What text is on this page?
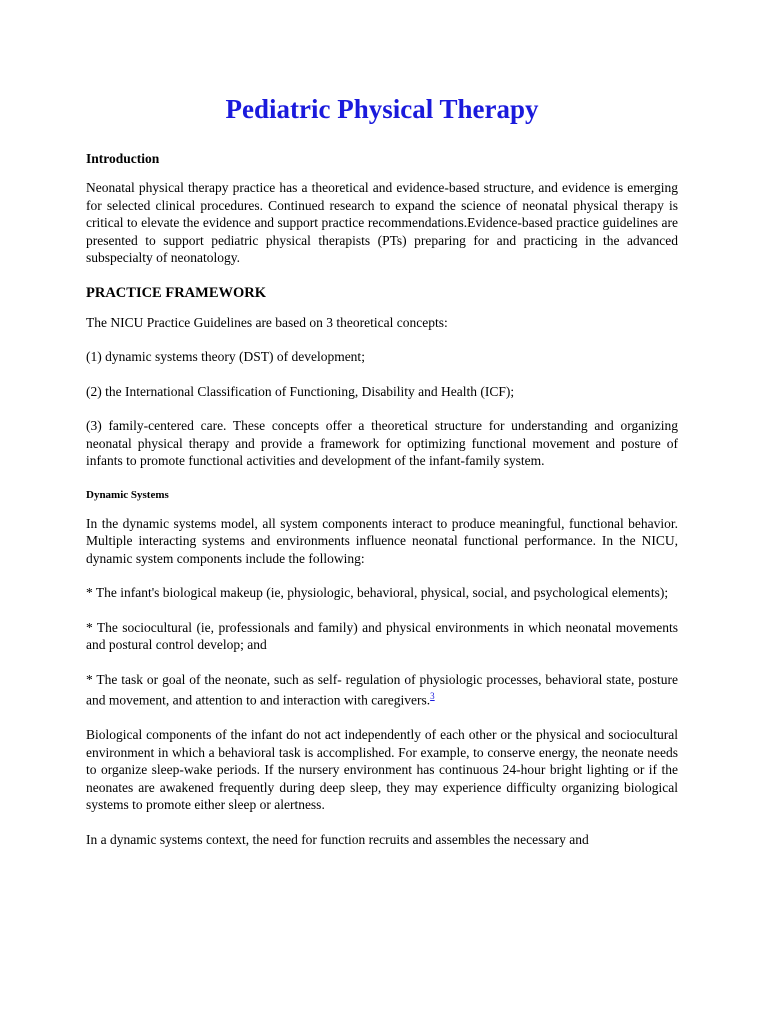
Pediatric Physical Therapy
Introduction

Neonatal physical therapy practice has a theoretical and evidence-based structure, and evidence is emerging for selected clinical procedures. Continued research to expand the science of neonatal physical therapy is critical to elevate the evidence and support practice recommendations.Evidence-based practice guidelines are presented to support pediatric physical therapists (PTs) preparing for and practicing in the advanced subspecialty of neonatology.

PRACTICE FRAMEWORK

The NICU Practice Guidelines are based on 3 theoretical concepts:

(1) dynamic systems theory (DST) of development;

(2) the International Classification of Functioning, Disability and Health (ICF);

(3) family-centered care. These concepts offer a theoretical structure for understanding and organizing neonatal physical therapy and provide a framework for optimizing functional movement and posture of infants to promote functional activities and development of the infant-family system.

Dynamic Systems

In the dynamic systems model, all system components interact to produce meaningful, functional behavior. Multiple interacting systems and environments influence neonatal functional performance. In the NICU, dynamic system components include the following:

* The infant's biological makeup (ie, physiologic, behavioral, physical, social, and psychological elements);

* The sociocultural (ie, professionals and family) and physical environments in which neonatal movements and postural control develop; and

* The task or goal of the neonate, such as self- regulation of physiologic processes, behavioral state, posture and movement, and attention to and interaction with caregivers.$^3$

Biological components of the infant do not act independently of each other or the physical and sociocultural environment in which a behavioral task is accomplished. For example, to conserve energy, the neonate needs to organize sleep-wake periods. If the nursery environment has continuous 24-hour bright lighting or if the neonates are awakened frequently during deep sleep, they may experience difficulty organizing biological systems to promote either sleep or alertness.

In a dynamic systems context, the need for function recruits and assembles the necessary and
